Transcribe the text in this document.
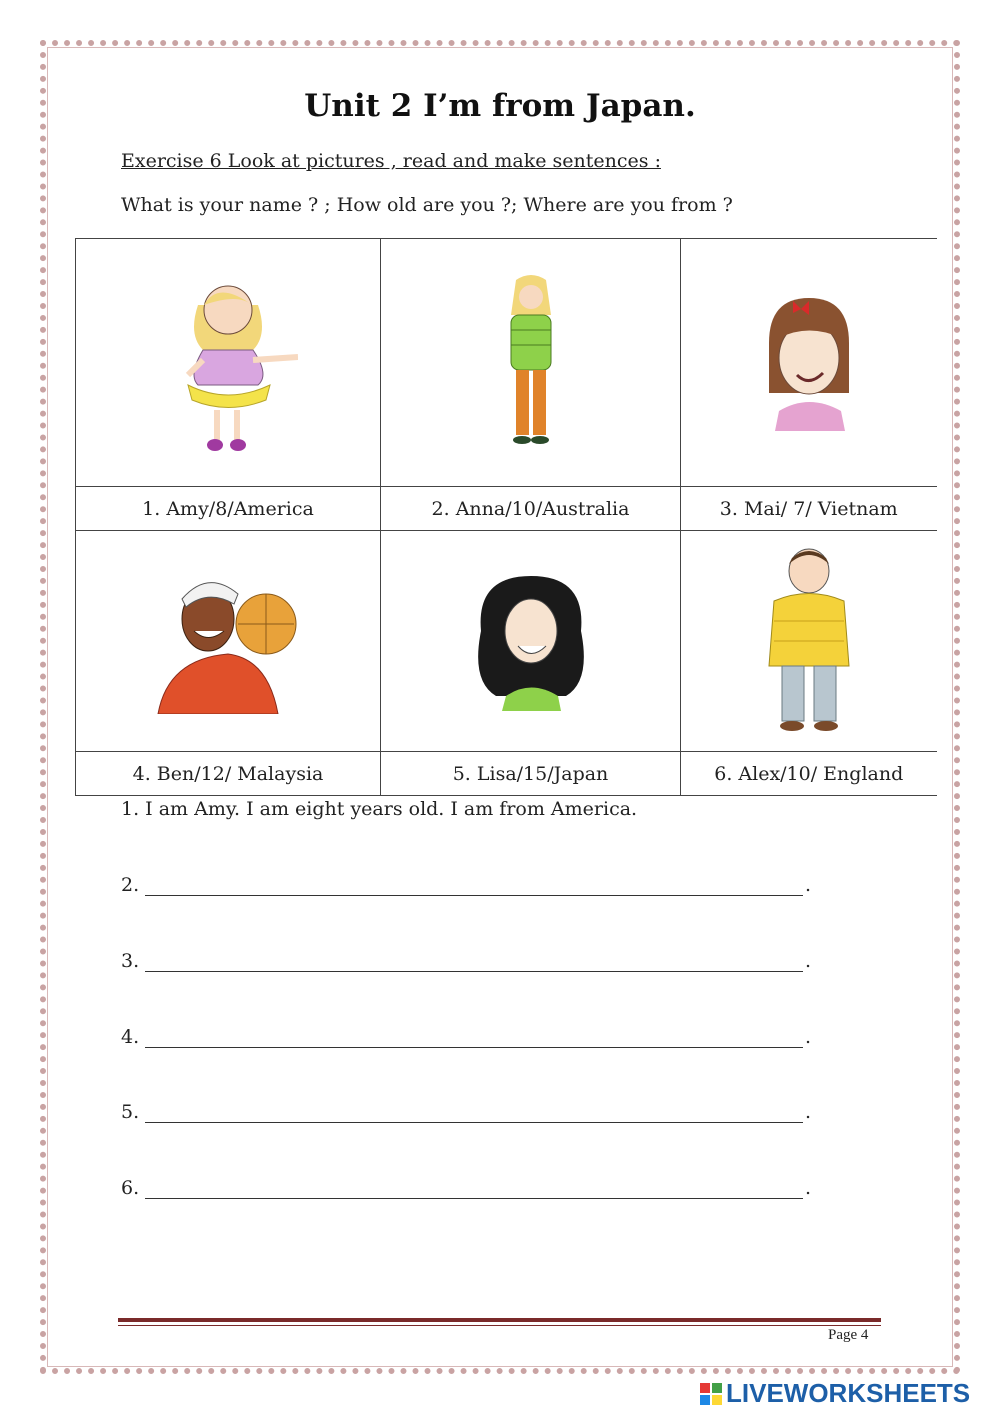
Unit 2 I’m from Japan.
Exercise 6 Look at pictures , read and make sentences :
What is your name ? ; How old are you ?; Where are you from ?

1. Amy/8/America	2. Anna/10/Australia	3. Mai/ 7/ Vietnam

4. Ben/12/ Malaysia	5. Lisa/15/Japan	6. Alex/10/ England
1. I am Amy. I am eight years old. I am from America.
2.	.
3.	.
4.	.
5.	.
6.	.
Page 4
LIVEWORKSHEETS
